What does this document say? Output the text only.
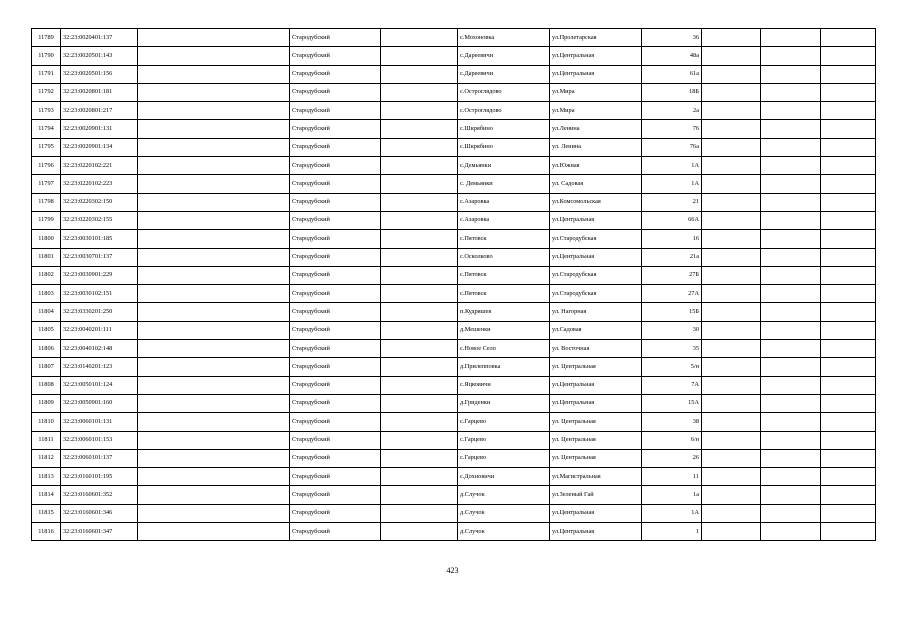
11789	32:23:0020401:137		Стародубский		с.Мохоновка	ул.Пролетарская	36			
11790	32:23:0020501:143		Стародубский		с.Дареевичи	ул.Центральная	48а			
11791	32:23:0020501:156		Стародубский		с.Дареевичи	ул.Центральная	61а			
11792	32:23:0020801:181		Стародубский		с.Остроглядово	ул.Мира	18Б			
11793	32:23:0020801:217		Стародубский		с.Остроглядово	ул.Мира	2а			
11794	32:23:0020901:131		Стародубский		с.Шкрябино	ул.Ленина	76			
11795	32:23:0020901:134		Стародубский		с.Шкрябино	ул. Ленина	76а			
11796	32:23:0220102:221		Стародубский		с.Демьянки	ул.Южная	1А			
11797	32:23:0220102:223		Стародубский		с. Демьянки	ул. Садовая	1А			
11798	32:23:0220302:150		Стародубский		с.Азаровка	ул.Комсомольская	21			
11799	32:23:0220302:155		Стародубский		с.Азаровка	ул.Центральная	66А			
11800	32:23:0030101:185		Стародубский		с.Пятовск	ул.Стародубская	16			
11801	32:23:0030701:137		Стародубский		с.Осколково	ул.Центральная	21а			
11802	32:23:0030901:229		Стародубский		с.Пятовск	ул.Стародубская	27Б			
11803	32:23:0030102:151		Стародубский		с.Пятовск	ул.Стародубская	27А			
11804	32:23:0330201:250		Стародубский		п.Кудряшев	ул. Нагорная	15Б			
11805	32:23:0040201:111		Стародубский		д.Мешенки	ул.Садовая	30			
11806	32:23:0040102:148		Стародубский		с.Новое Село	ул. Восточная	35			
11807	32:23:0140201:123		Стародубский		д.Прилепповка	ул. Центральная	5/н			
11808	32:23:0050101:124		Стародубский		с.Яцковичи	ул.Центральная	7А			
11809	32:23:0050901:160		Стародубский		д.Гриденки	ул.Центральная	15А			
11810	32:23:0060101:131		Стародубский		с.Гарцево	ул. Центральная	38			
11811	32:23:0060101:153		Стародубский		с.Гарцево	ул. Центральная	6/н			
11812	32:23:0060101:137		Стародубский		с.Гарцево	ул. Центральная	26			
11813	32:23:0160101:195		Стародубский		с.Дохновичи	ул.Магистральная	11			
11814	32:23:0160601:352		Стародубский		д.Случок	ул.Зеленый Гай	1а			
11815	32:23:0160601:346		Стародубский		д.Случок	ул.Центральная	1А			
11816	32:23:0160601:347		Стародубский		д.Случок	ул.Центральная	1			
423
